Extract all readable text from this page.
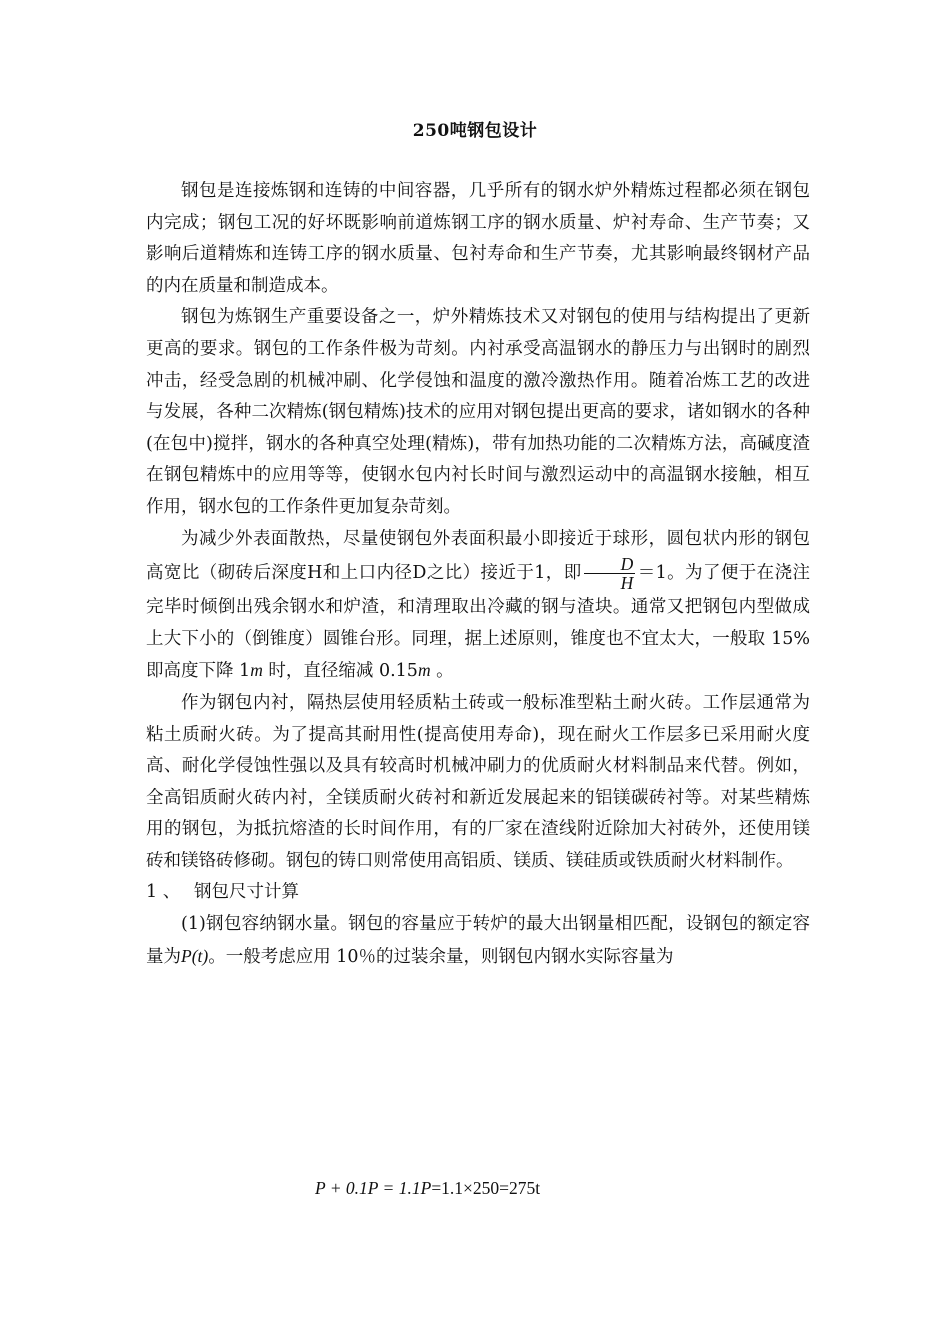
250吨钢包设计

钢包是连接炼钢和连铸的中间容器，几乎所有的钢水炉外精炼过程都必须在钢包内完成；钢包工况的好坏既影响前道炼钢工序的钢水质量、炉衬寿命、生产节奏；又影响后道精炼和连铸工序的钢水质量、包衬寿命和生产节奏，尤其影响最终钢材产品的内在质量和制造成本。

钢包为炼钢生产重要设备之一，炉外精炼技术又对钢包的使用与结构提出了更新更高的要求。钢包的工作条件极为苛刻。内衬承受高温钢水的静压力与出钢时的剧烈冲击，经受急剧的机械冲刷、化学侵蚀和温度的激冷激热作用。随着冶炼工艺的改进与发展，各种二次精炼(钢包精炼)技术的应用对钢包提出更高的要求，诸如钢水的各种(在包中)搅拌，钢水的各种真空处理(精炼)，带有加热功能的二次精炼方法，高碱度渣在钢包精炼中的应用等等，使钢水包内衬长时间与激烈运动中的高温钢水接触，相互作用，钢水包的工作条件更加复杂苛刻。

为减少外表面散热，尽量使钢包外表面积最小即接近于球形，圆包状内形的钢包高宽比（砌砖后深度H和上口内径D之比）接近于1，即 $\frac{D}{H} =1$。为了便于在浇注完毕时倾倒出残余钢水和炉渣，和清理取出冷藏的钢与渣块。通常又把钢包内型做成上大下小的（倒锥度）圆锥台形。同理，据上述原则，锥度也不宜太大，一般取 15%即高度下降 1m 时，直径缩减 0.15m 。

作为钢包内衬，隔热层使用轻质粘土砖或一般标准型粘土耐火砖。工作层通常为粘土质耐火砖。为了提高其耐用性(提高使用寿命)，现在耐火工作层多已采用耐火度高、耐化学侵蚀性强以及具有较高时机械冲刷力的优质耐火材料制品来代替。例如，全高铝质耐火砖内衬，全镁质耐火砖衬和新近发展起来的铝镁碳砖衬等。对某些精炼用的钢包，为抵抗熔渣的长时间作用，有的厂家在渣线附近除加大衬砖外，还使用镁砖和镁铬砖修砌。钢包的铸口则常使用高铝质、镁质、镁硅质或铁质耐火材料制作。

1 、 钢包尺寸计算

(1)钢包容纳钢水量。钢包的容量应于转炉的最大出钢量相匹配，设钢包的额定容量为P(t)。一般考虑应用 10％的过装余量，则钢包内钢水实际容量为

P + 0.1P = 1.1P=1.1×250=275t
